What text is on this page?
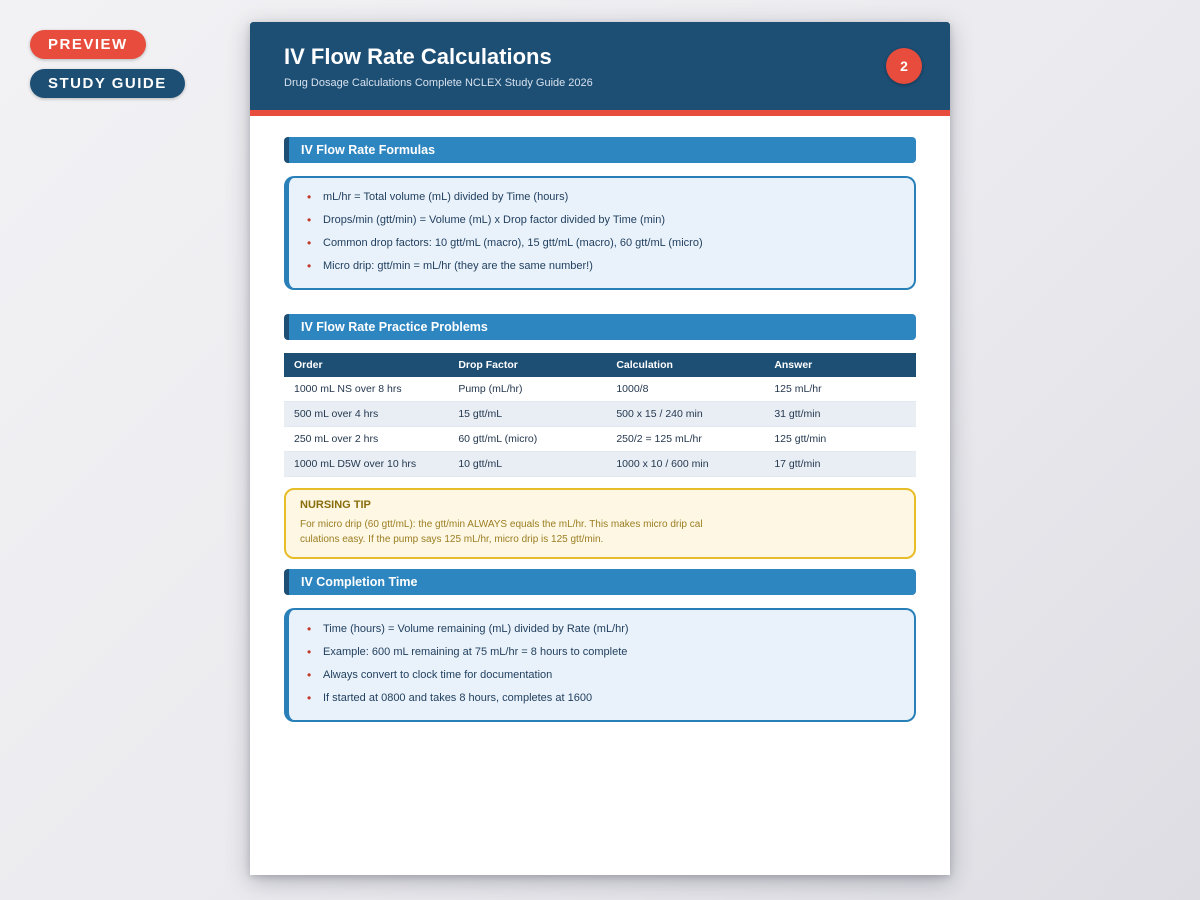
PREVIEW
STUDY GUIDE
IV Flow Rate Calculations
Drug Dosage Calculations Complete NCLEX Study Guide 2026
2
IV Flow Rate Formulas
• mL/hr = Total volume (mL) divided by Time (hours)
• Drops/min (gtt/min) = Volume (mL) x Drop factor divided by Time (min)
• Common drop factors: 10 gtt/mL (macro), 15 gtt/mL (macro), 60 gtt/mL (micro)
• Micro drip: gtt/min = mL/hr (they are the same number!)
IV Flow Rate Practice Problems
Order	Drop Factor	Calculation	Answer
1000 mL NS over 8 hrs	Pump (mL/hr)	1000/8	125 mL/hr
500 mL over 4 hrs	15 gtt/mL	500 x 15 / 240 min	31 gtt/min
250 mL over 2 hrs	60 gtt/mL (micro)	250/2 = 125 mL/hr	125 gtt/min
1000 mL D5W over 10 hrs	10 gtt/mL	1000 x 10 / 600 min	17 gtt/min
NURSING TIP
For micro drip (60 gtt/mL): the gtt/min ALWAYS equals the mL/hr. This makes micro drip cal
culations easy. If the pump says 125 mL/hr, micro drip is 125 gtt/min.
IV Completion Time
• Time (hours) = Volume remaining (mL) divided by Rate (mL/hr)
• Example: 600 mL remaining at 75 mL/hr = 8 hours to complete
• Always convert to clock time for documentation
• If started at 0800 and takes 8 hours, completes at 1600
